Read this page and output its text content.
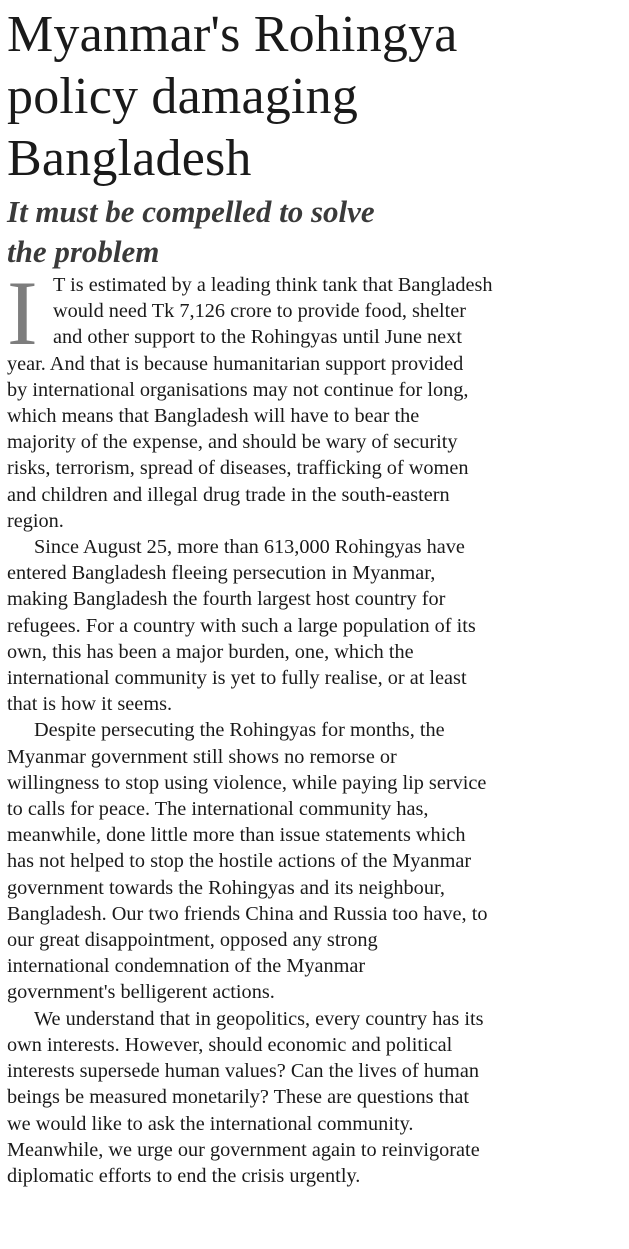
Myanmar's Rohingya
policy damaging
Bangladesh
It must be compelled to solve
the problem
I T is estimated by a leading think tank that Bangladesh
would need Tk 7,126 crore to provide food, shelter
and other support to the Rohingyas until June next
year. And that is because humanitarian support provided
by international organisations may not continue for long,
which means that Bangladesh will have to bear the
majority of the expense, and should be wary of security
risks, terrorism, spread of diseases, trafficking of women
and children and illegal drug trade in the south-eastern
region.
Since August 25, more than 613,000 Rohingyas have
entered Bangladesh fleeing persecution in Myanmar,
making Bangladesh the fourth largest host country for
refugees. For a country with such a large population of its
own, this has been a major burden, one, which the
international community is yet to fully realise, or at least
that is how it seems.
Despite persecuting the Rohingyas for months, the
Myanmar government still shows no remorse or
willingness to stop using violence, while paying lip service
to calls for peace. The international community has,
meanwhile, done little more than issue statements which
has not helped to stop the hostile actions of the Myanmar
government towards the Rohingyas and its neighbour,
Bangladesh. Our two friends China and Russia too have, to
our great disappointment, opposed any strong
international condemnation of the Myanmar
government's belligerent actions.
We understand that in geopolitics, every country has its
own interests. However, should economic and political
interests supersede human values? Can the lives of human
beings be measured monetarily? These are questions that
we would like to ask the international community.
Meanwhile, we urge our government again to reinvigorate
diplomatic efforts to end the crisis urgently.
